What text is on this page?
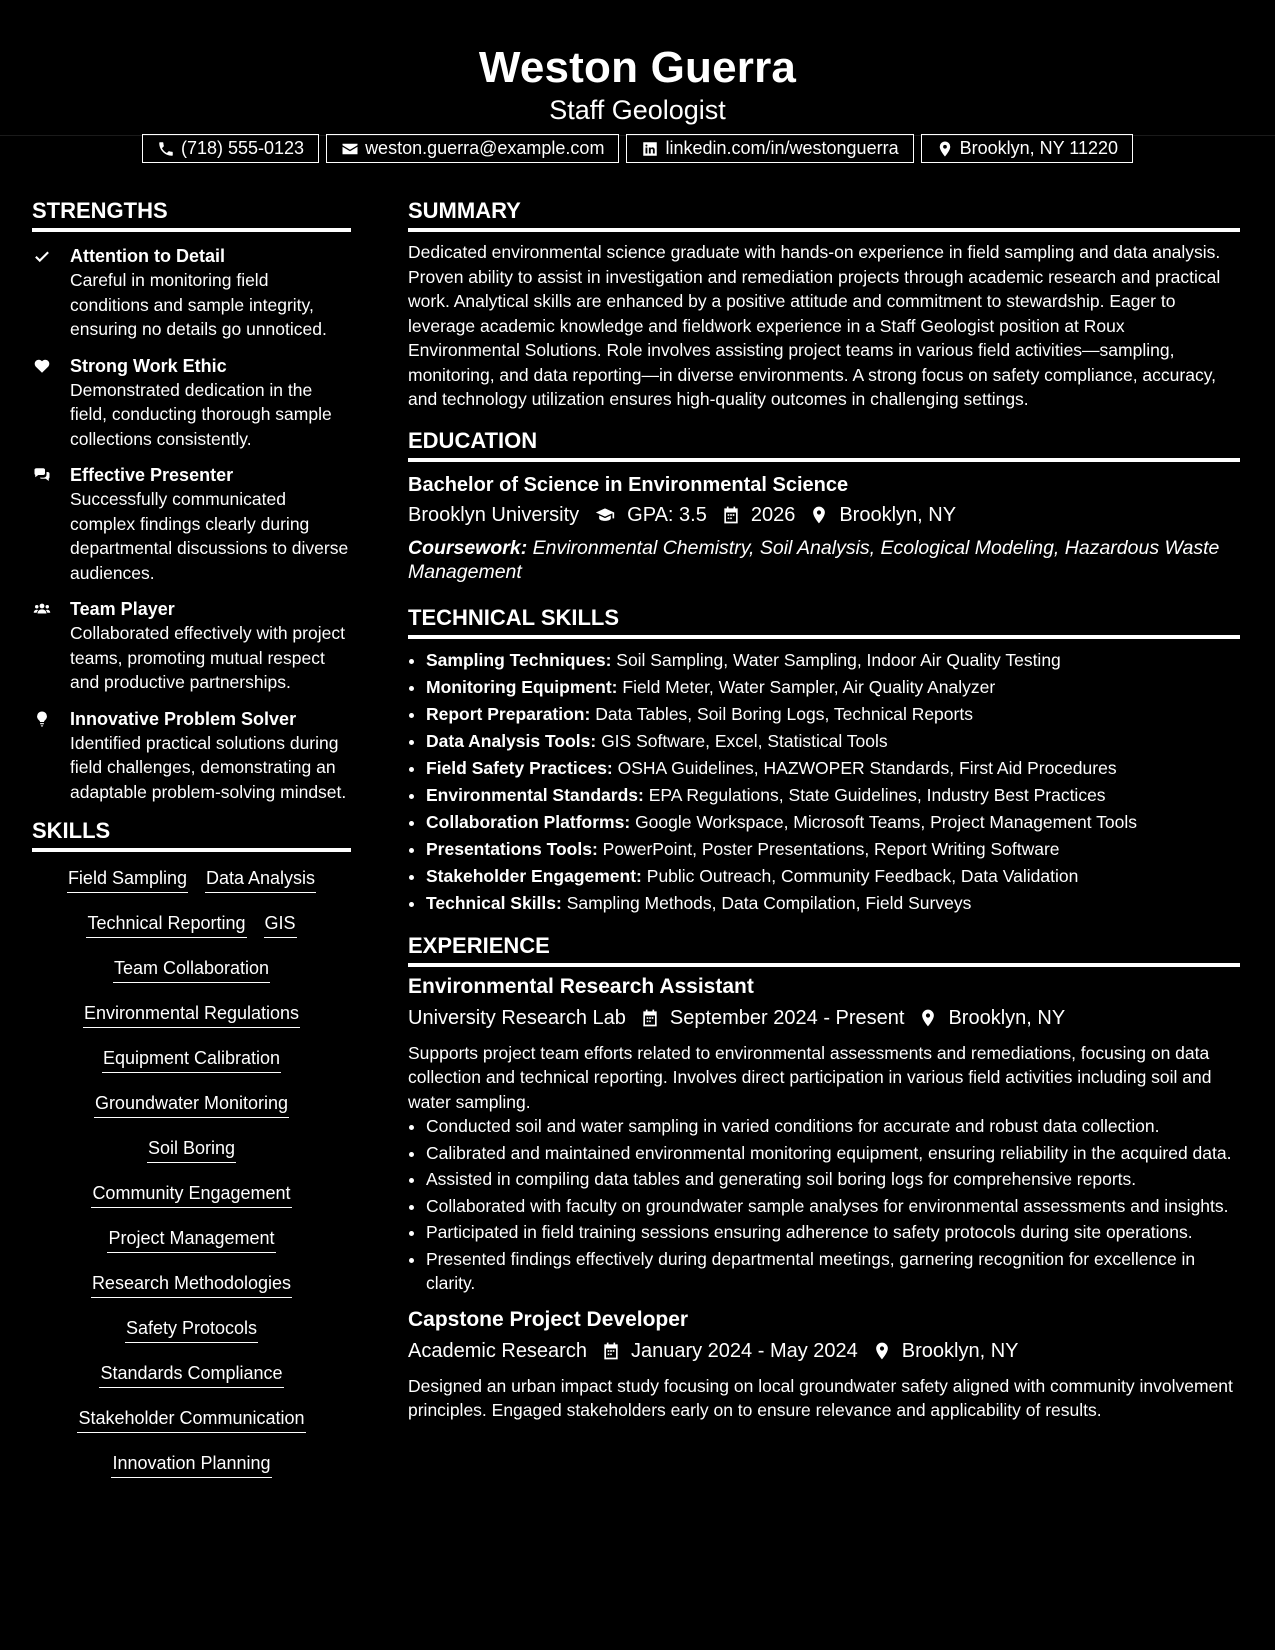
Weston Guerra
Staff Geologist
(718) 555-0123	weston.guerra@example.com	linkedin.com/in/westonguerra	Brooklyn, NY 11220
STRENGTHS
Attention to Detail
Careful in monitoring field conditions and sample integrity, ensuring no details go unnoticed.
Strong Work Ethic
Demonstrated dedication in the field, conducting thorough sample collections consistently.
Effective Presenter
Successfully communicated complex findings clearly during departmental discussions to diverse audiences.
Team Player
Collaborated effectively with project teams, promoting mutual respect and productive partnerships.
Innovative Problem Solver
Identified practical solutions during field challenges, demonstrating an adaptable problem-solving mindset.
SKILLS
Field Sampling Data Analysis
Technical Reporting GIS
Team Collaboration
Environmental Regulations
Equipment Calibration
Groundwater Monitoring
Soil Boring
Community Engagement
Project Management
Research Methodologies
Safety Protocols
Standards Compliance
Stakeholder Communication
Innovation Planning
SUMMARY
Dedicated environmental science graduate with hands-on experience in field sampling and data analysis. Proven ability to assist in investigation and remediation projects through academic research and practical work. Analytical skills are enhanced by a positive attitude and commitment to stewardship. Eager to leverage academic knowledge and fieldwork experience in a Staff Geologist position at Roux Environmental Solutions. Role involves assisting project teams in various field activities—sampling, monitoring, and data reporting—in diverse environments. A strong focus on safety compliance, accuracy, and technology utilization ensures high-quality outcomes in challenging settings.
EDUCATION
Bachelor of Science in Environmental Science
Brooklyn University GPA: 3.5 2026 Brooklyn, NY
Coursework: Environmental Chemistry, Soil Analysis, Ecological Modeling, Hazardous Waste Management
TECHNICAL SKILLS
• Sampling Techniques: Soil Sampling, Water Sampling, Indoor Air Quality Testing
• Monitoring Equipment: Field Meter, Water Sampler, Air Quality Analyzer
• Report Preparation: Data Tables, Soil Boring Logs, Technical Reports
• Data Analysis Tools: GIS Software, Excel, Statistical Tools
• Field Safety Practices: OSHA Guidelines, HAZWOPER Standards, First Aid Procedures
• Environmental Standards: EPA Regulations, State Guidelines, Industry Best Practices
• Collaboration Platforms: Google Workspace, Microsoft Teams, Project Management Tools
• Presentations Tools: PowerPoint, Poster Presentations, Report Writing Software
• Stakeholder Engagement: Public Outreach, Community Feedback, Data Validation
• Technical Skills: Sampling Methods, Data Compilation, Field Surveys
EXPERIENCE
Environmental Research Assistant
University Research Lab September 2024 - Present Brooklyn, NY
Supports project team efforts related to environmental assessments and remediations, focusing on data collection and technical reporting. Involves direct participation in various field activities including soil and water sampling.
• Conducted soil and water sampling in varied conditions for accurate and robust data collection.
• Calibrated and maintained environmental monitoring equipment, ensuring reliability in the acquired data.
• Assisted in compiling data tables and generating soil boring logs for comprehensive reports.
• Collaborated with faculty on groundwater sample analyses for environmental assessments and insights.
• Participated in field training sessions ensuring adherence to safety protocols during site operations.
• Presented findings effectively during departmental meetings, garnering recognition for excellence in clarity.
Capstone Project Developer
Academic Research January 2024 - May 2024 Brooklyn, NY
Designed an urban impact study focusing on local groundwater safety aligned with community involvement principles. Engaged stakeholders early on to ensure relevance and applicability of results.
